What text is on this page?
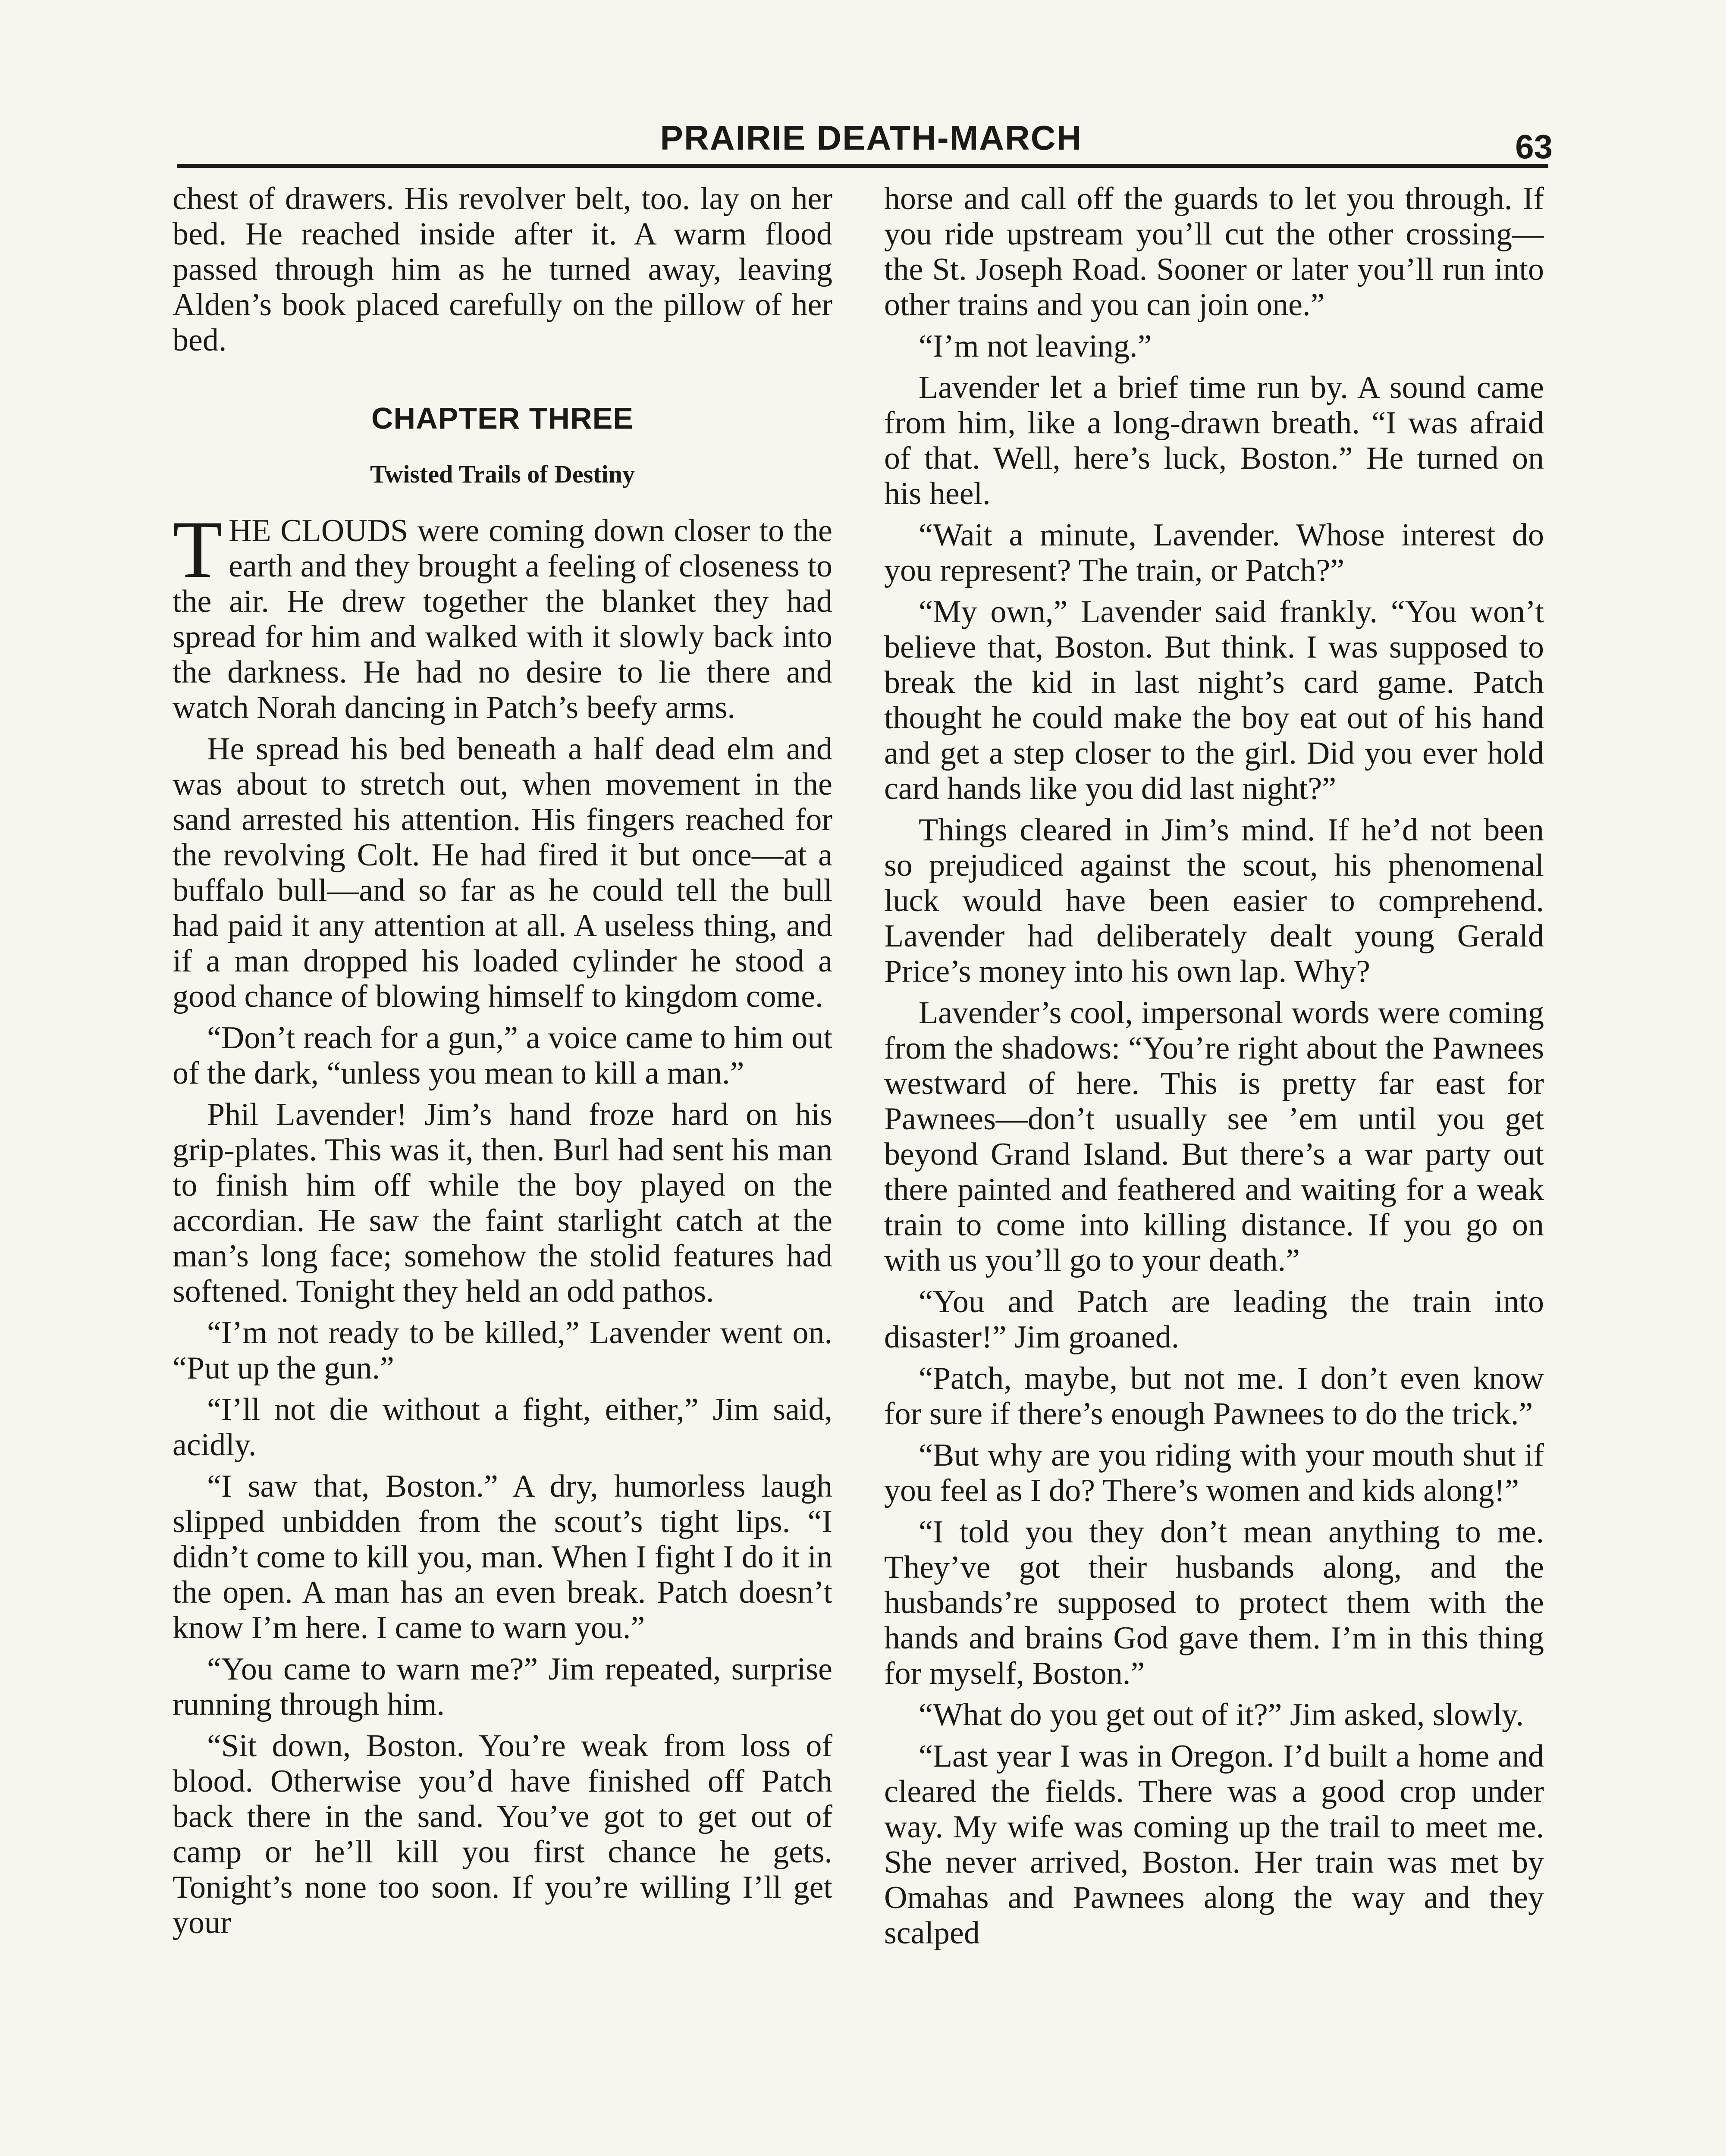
PRAIRIE DEATH-MARCH	63

chest of drawers. His revolver belt, too. lay on her bed. He reached inside after it. A warm flood passed through him as he turned away, leaving Alden’s book placed carefully on the pillow of her bed.

CHAPTER THREE
Twisted Trails of Destiny

THE CLOUDS were coming down closer to the earth and they brought a feeling of closeness to the air. He drew together the blanket they had spread for him and walked with it slowly back into the darkness. He had no desire to lie there and watch Norah dancing in Patch’s beefy arms.

He spread his bed beneath a half dead elm and was about to stretch out, when movement in the sand arrested his attention. His fingers reached for the revolving Colt. He had fired it but once—at a buffalo bull—and so far as he could tell the bull had paid it any attention at all. A useless thing, and if a man dropped his loaded cylinder he stood a good chance of blowing himself to kingdom come.

“Don’t reach for a gun,” a voice came to him out of the dark, “unless you mean to kill a man.”

Phil Lavender! Jim’s hand froze hard on his grip-plates. This was it, then. Burl had sent his man to finish him off while the boy played on the accordian. He saw the faint starlight catch at the man’s long face; somehow the stolid features had softened. Tonight they held an odd pathos.

“I’m not ready to be killed,” Lavender went on. “Put up the gun.”

“I’ll not die without a fight, either,” Jim said, acidly.

“I saw that, Boston.” A dry, humorless laugh slipped unbidden from the scout’s tight lips. “I didn’t come to kill you, man. When I fight I do it in the open. A man has an even break. Patch doesn’t know I’m here. I came to warn you.”

“You came to warn me?” Jim repeated, surprise running through him.

“Sit down, Boston. You’re weak from loss of blood. Otherwise you’d have finished off Patch back there in the sand. You’ve got to get out of camp or he’ll kill you first chance he gets. Tonight’s none too soon. If you’re willing I’ll get your

horse and call off the guards to let you through. If you ride upstream you’ll cut the other crossing—the St. Joseph Road. Sooner or later you’ll run into other trains and you can join one.”

“I’m not leaving.”

Lavender let a brief time run by. A sound came from him, like a long-drawn breath. “I was afraid of that. Well, here’s luck, Boston.” He turned on his heel.

“Wait a minute, Lavender. Whose interest do you represent? The train, or Patch?”

“My own,” Lavender said frankly. “You won’t believe that, Boston. But think. I was supposed to break the kid in last night’s card game. Patch thought he could make the boy eat out of his hand and get a step closer to the girl. Did you ever hold card hands like you did last night?”

Things cleared in Jim’s mind. If he’d not been so prejudiced against the scout, his phenomenal luck would have been easier to comprehend. Lavender had deliberately dealt young Gerald Price’s money into his own lap. Why?

Lavender’s cool, impersonal words were coming from the shadows: “You’re right about the Pawnees westward of here. This is pretty far east for Pawnees—don’t usually see ’em until you get beyond Grand Island. But there’s a war party out there painted and feathered and waiting for a weak train to come into killing distance. If you go on with us you’ll go to your death.”

“You and Patch are leading the train into disaster!” Jim groaned.

“Patch, maybe, but not me. I don’t even know for sure if there’s enough Pawnees to do the trick.”

“But why are you riding with your mouth shut if you feel as I do? There’s women and kids along!”

“I told you they don’t mean anything to me. They’ve got their husbands along, and the husbands’re supposed to protect them with the hands and brains God gave them. I’m in this thing for myself, Boston.”

“What do you get out of it?” Jim asked, slowly.

“Last year I was in Oregon. I’d built a home and cleared the fields. There was a good crop under way. My wife was coming up the trail to meet me. She never arrived, Boston. Her train was met by Omahas and Pawnees along the way and they scalped
